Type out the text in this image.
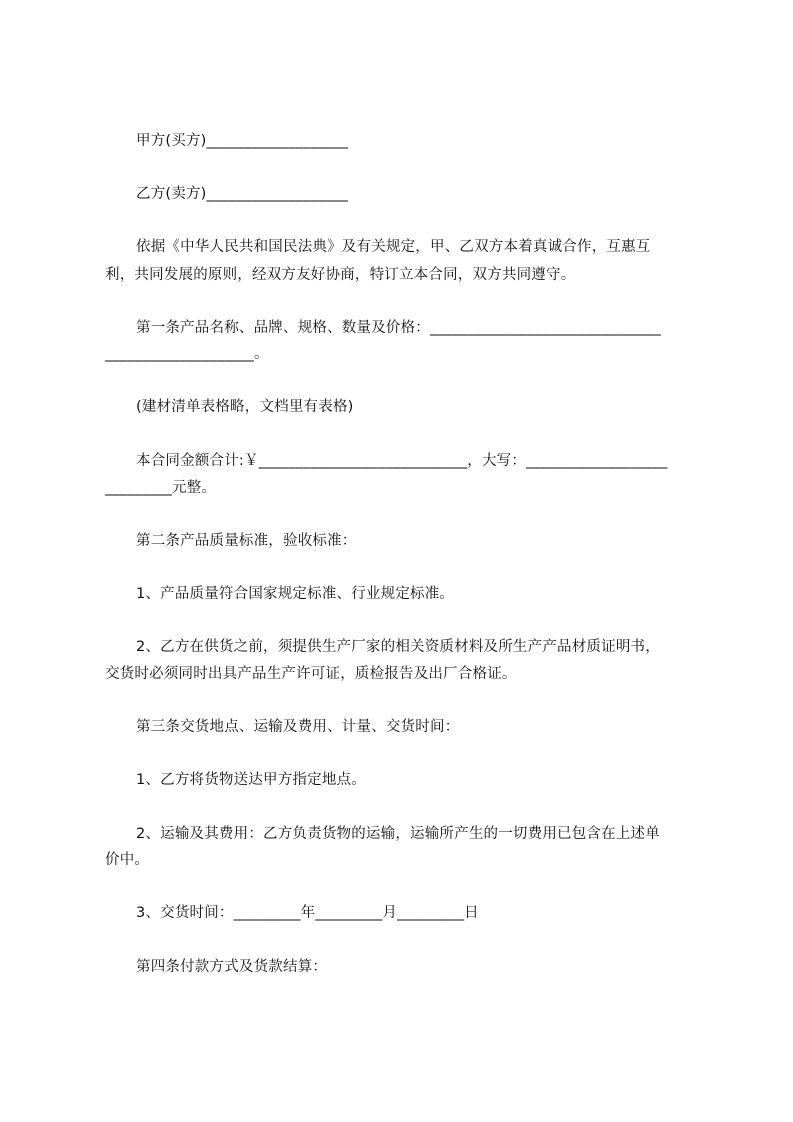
甲方(买方)___________________
乙方(卖方)___________________
依据《中华人民共和国民法典》及有关规定，甲、乙双方本着真诚合作，互惠互
利，共同发展的原则，经双方友好协商，特订立本合同，双方共同遵守。
第一条产品名称、品牌、规格、数量及价格：_______________________________
____________________。
(建材清单表格略，文档里有表格)
本合同金额合计:￥____________________________，大写：___________________
_________元整。
第二条产品质量标准，验收标准：
1、产品质量符合国家规定标准、行业规定标准。
2、乙方在供货之前，须提供生产厂家的相关资质材料及所生产产品材质证明书，
交货时必须同时出具产品生产许可证，质检报告及出厂合格证。
第三条交货地点、运输及费用、计量、交货时间：
1、乙方将货物送达甲方指定地点。
2、运输及其费用：乙方负责货物的运输，运输所产生的一切费用已包含在上述单
价中。
3、交货时间：_________年_________月_________日
第四条付款方式及货款结算：
